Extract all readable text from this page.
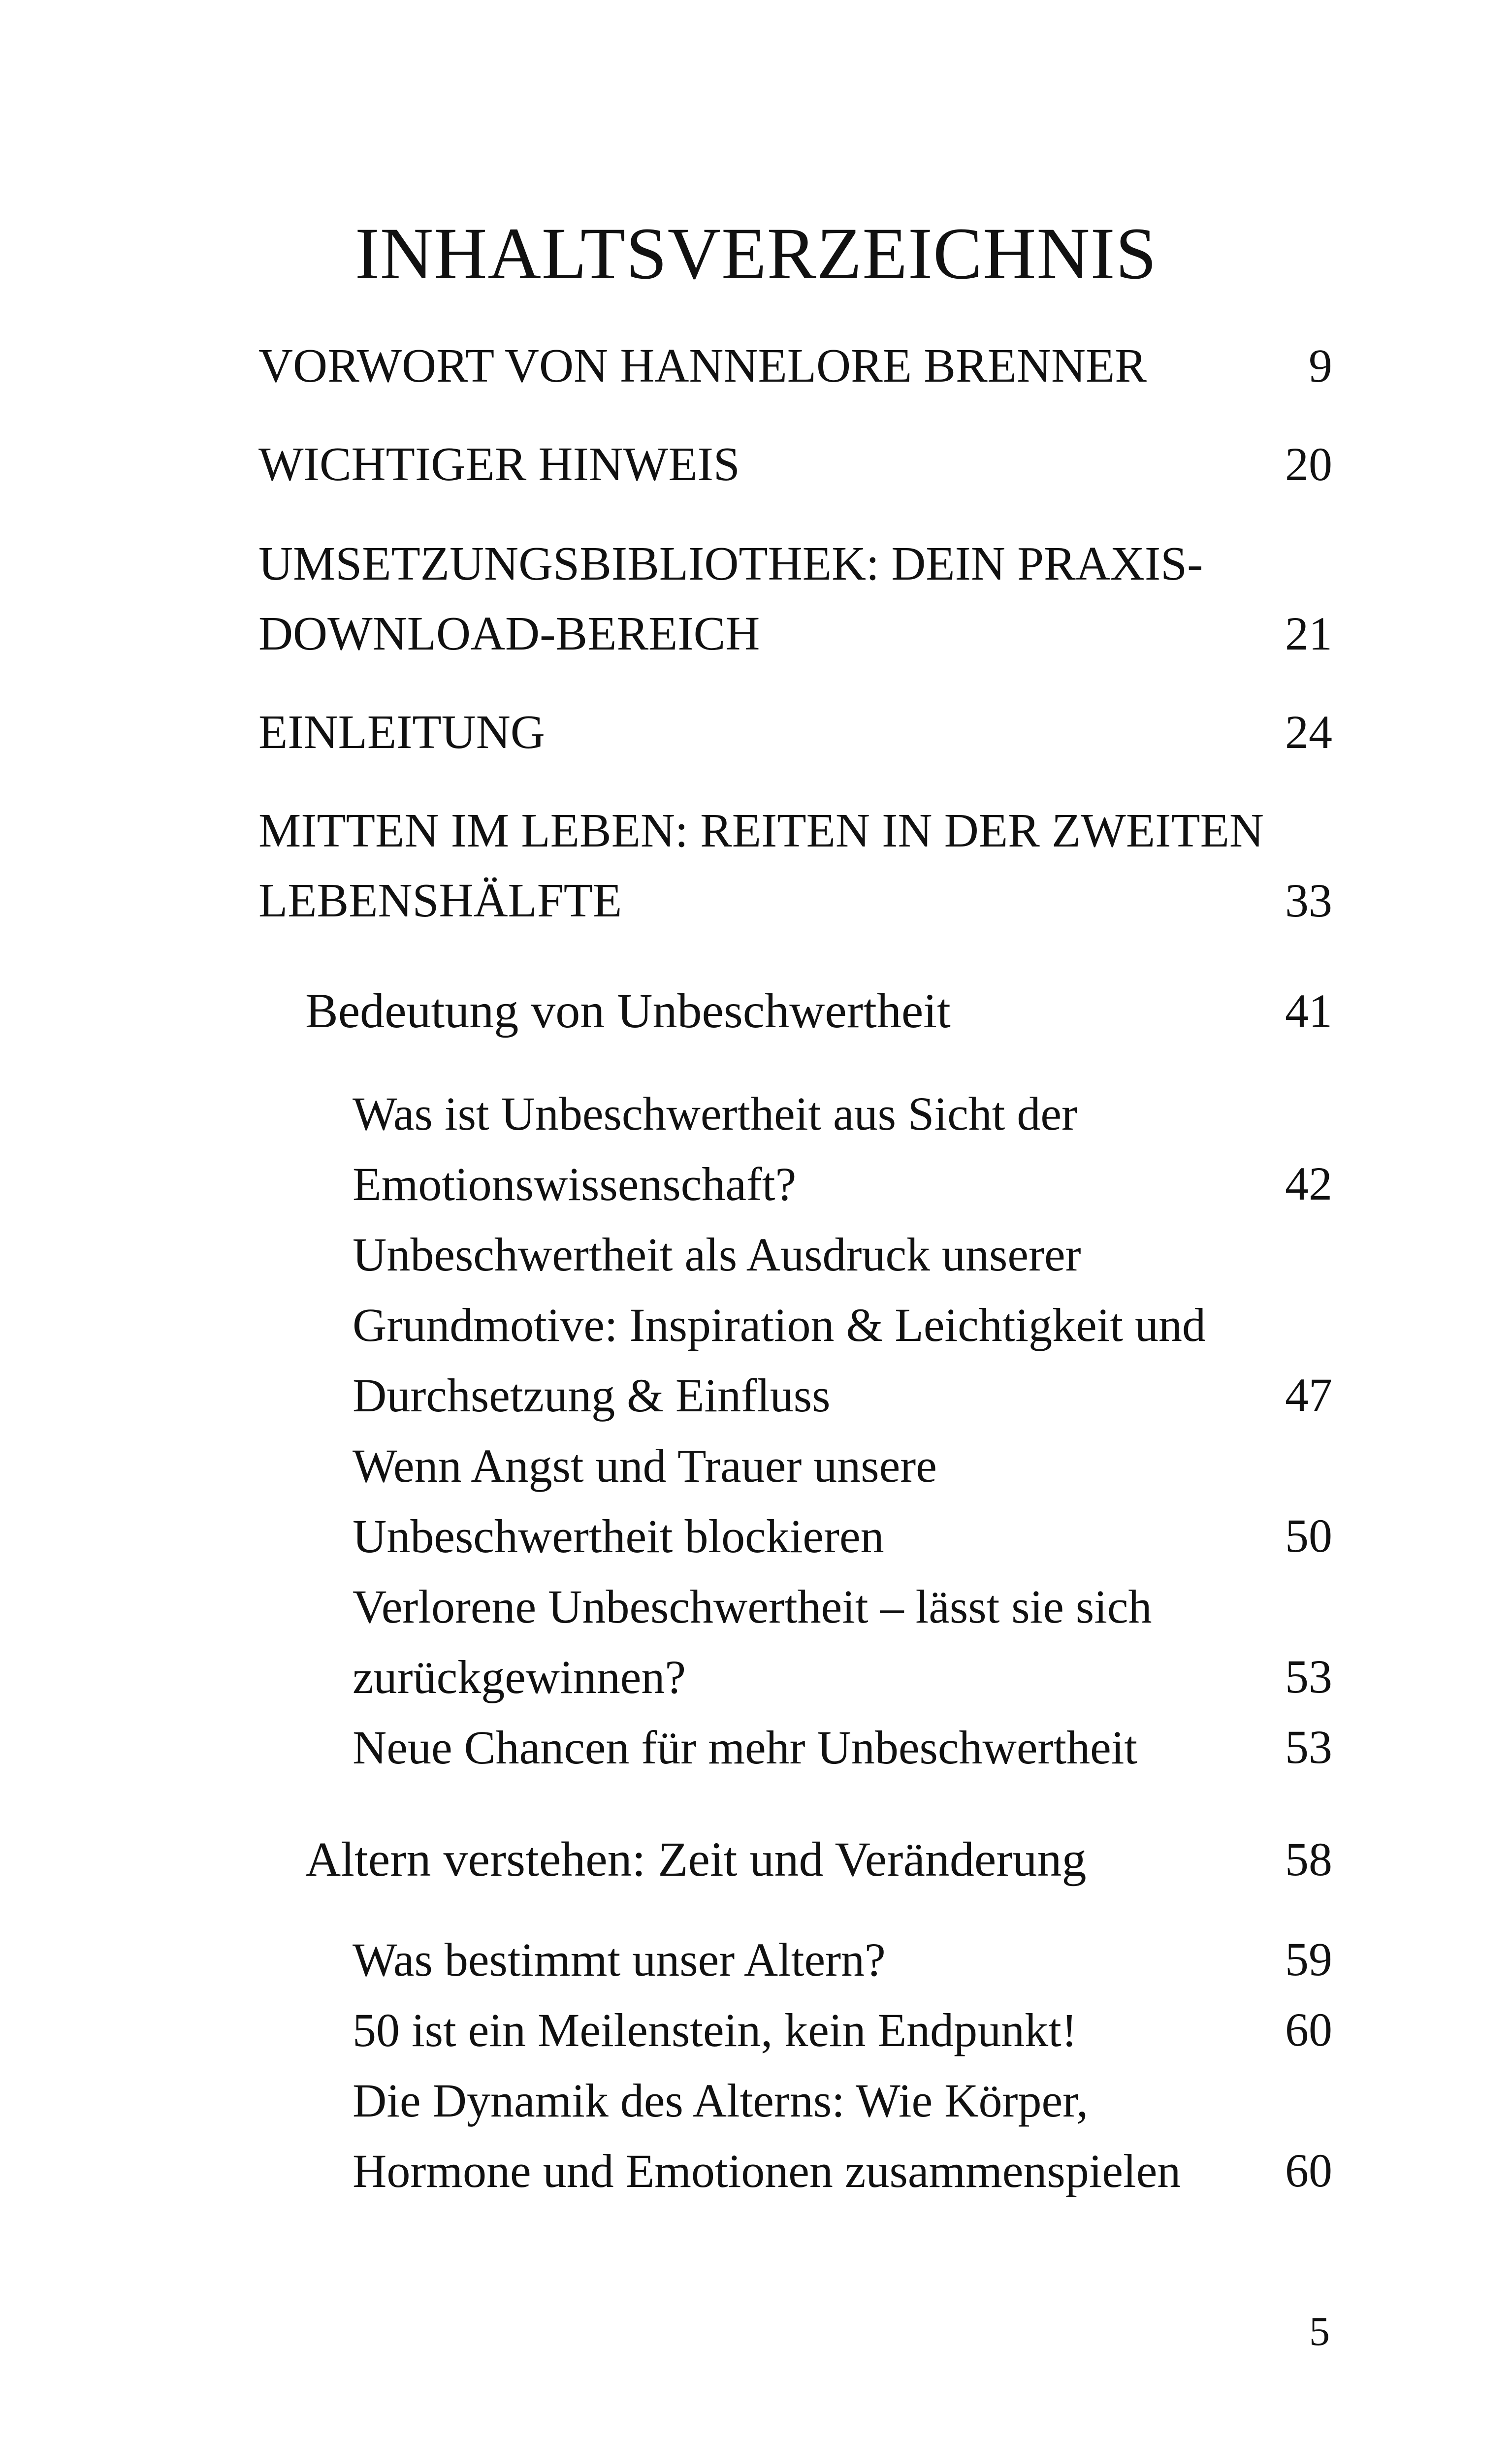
INHALTSVERZEICHNIS
VORWORT VON HANNELORE BRENNER	9
WICHTIGER HINWEIS	20
UMSETZUNGSBIBLIOTHEK: DEIN PRAXIS-
DOWNLOAD-BEREICH	21
EINLEITUNG	24
MITTEN IM LEBEN: REITEN IN DER ZWEITEN
LEBENSHÄLFTE	33
Bedeutung von Unbeschwertheit	41
Was ist Unbeschwertheit aus Sicht der
Emotionswissenschaft?	42
Unbeschwertheit als Ausdruck unserer
Grundmotive: Inspiration & Leichtigkeit und
Durchsetzung & Einfluss	47
Wenn Angst und Trauer unsere
Unbeschwertheit blockieren	50
Verlorene Unbeschwertheit – lässt sie sich
zurückgewinnen?	53
Neue Chancen für mehr Unbeschwertheit	53
Altern verstehen: Zeit und Veränderung	58
Was bestimmt unser Altern?	59
50 ist ein Meilenstein, kein Endpunkt!	60
Die Dynamik des Alterns: Wie Körper,
Hormone und Emotionen zusammenspielen 60
5
